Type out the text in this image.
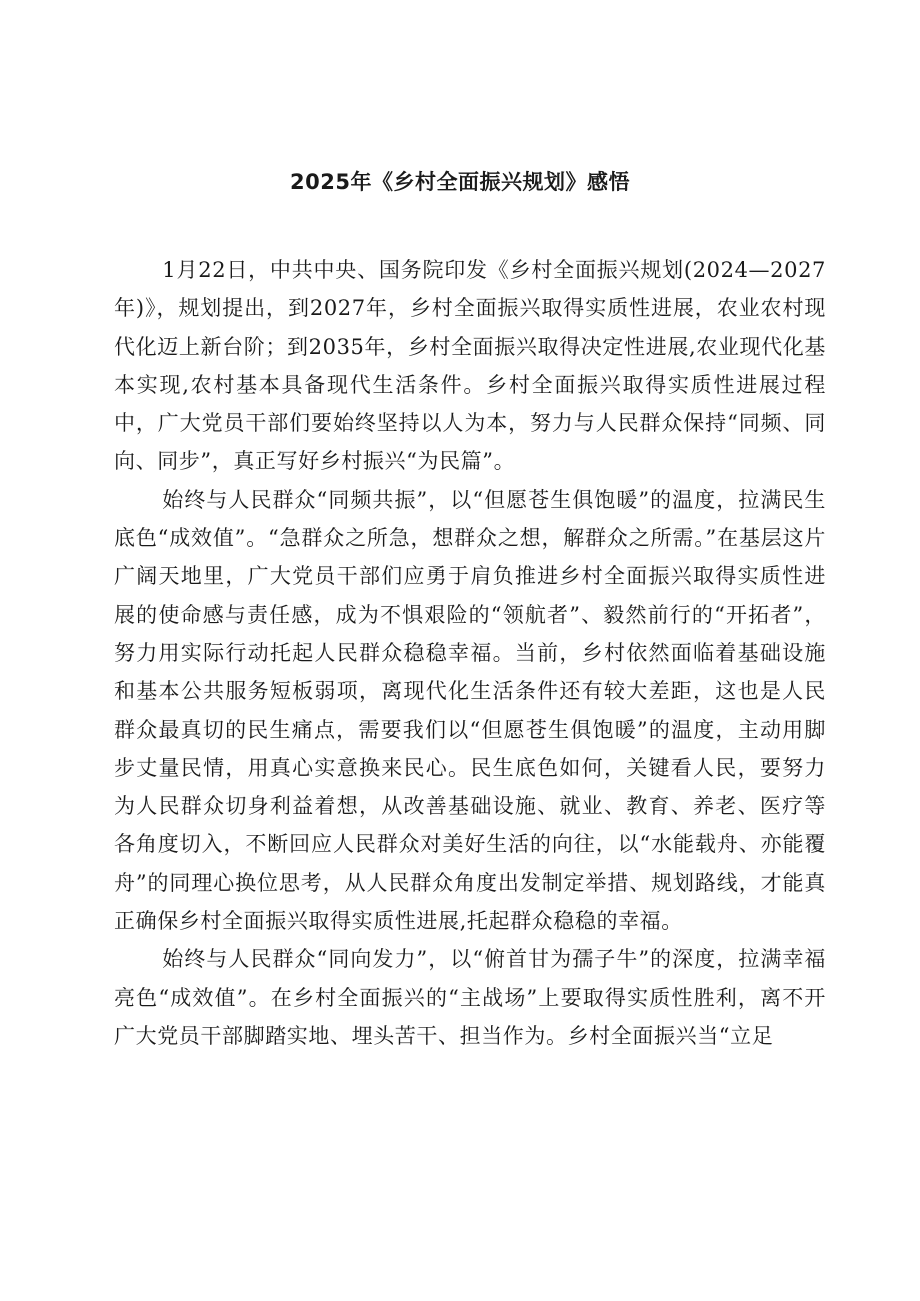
2025年《乡村全面振兴规划》感悟

1月22日，中共中央、国务院印发《乡村全面振兴规划(2024—2027年)》，规划提出，到2027年，乡村全面振兴取得实质性进展，农业农村现代化迈上新台阶；到2035年，乡村全面振兴取得决定性进展,农业现代化基本实现,农村基本具备现代生活条件。乡村全面振兴取得实质性进展过程中，广大党员干部们要始终坚持以人为本，努力与人民群众保持“同频、同向、同步”，真正写好乡村振兴“为民篇”。

始终与人民群众“同频共振”，以“但愿苍生俱饱暖”的温度，拉满民生底色“成效值”。“急群众之所急，想群众之想，解群众之所需。”在基层这片广阔天地里，广大党员干部们应勇于肩负推进乡村全面振兴取得实质性进展的使命感与责任感，成为不惧艰险的“领航者”、毅然前行的“开拓者”，努力用实际行动托起人民群众稳稳幸福。当前，乡村依然面临着基础设施和基本公共服务短板弱项，离现代化生活条件还有较大差距，这也是人民群众最真切的民生痛点，需要我们以“但愿苍生俱饱暖”的温度，主动用脚步丈量民情，用真心实意换来民心。民生底色如何，关键看人民，要努力为人民群众切身利益着想，从改善基础设施、就业、教育、养老、医疗等各角度切入，不断回应人民群众对美好生活的向往，以“水能载舟、亦能覆舟”的同理心换位思考，从人民群众角度出发制定举措、规划路线，才能真正确保乡村全面振兴取得实质性进展,托起群众稳稳的幸福。

始终与人民群众“同向发力”，以“俯首甘为孺子牛”的深度，拉满幸福亮色“成效值”。在乡村全面振兴的“主战场”上要取得实质性胜利，离不开广大党员干部脚踏实地、埋头苦干、担当作为。乡村全面振兴当“立足
